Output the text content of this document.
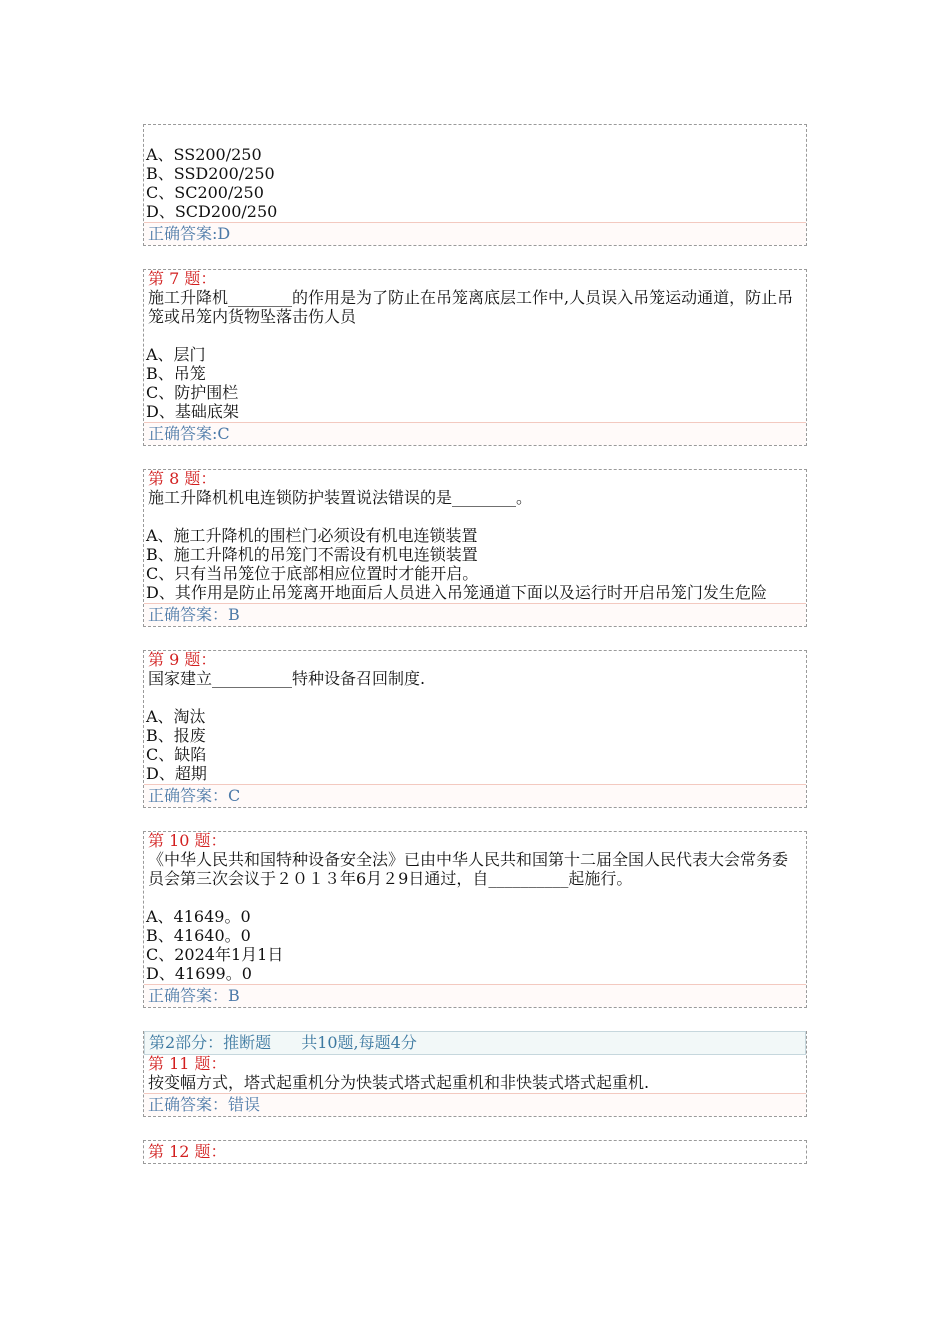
A、SS200/250
B、SSD200/250
C、SC200/250
D、SCD200/250
正确答案:D
第 7 题：
施工升降机________的作用是为了防止在吊笼离底层工作中,人员误入吊笼运动通道，防止吊笼或吊笼内货物坠落击伤人员
A、层门
B、吊笼
C、防护围栏
D、基础底架
正确答案:C
第 8 题：
施工升降机机电连锁防护装置说法错误的是________。
A、施工升降机的围栏门必须设有机电连锁装置
B、施工升降机的吊笼门不需设有机电连锁装置
C、只有当吊笼位于底部相应位置时才能开启。
D、其作用是防止吊笼离开地面后人员进入吊笼通道下面以及运行时开启吊笼门发生危险
正确答案：B
第 9 题：
国家建立__________特种设备召回制度.
A、淘汰
B、报废
C、缺陷
D、超期
正确答案：C
第 10 题：
《中华人民共和国特种设备安全法》已由中华人民共和国第十二届全国人民代表大会常务委员会第三次会议于２０１３年6月２9日通过，自__________起施行。
A、41649。0
B、41640。0
C、2024年1月1日
D、41699。0
正确答案：B
第2部分：推断题 共10题,每题4分
第 11 题：
按变幅方式，塔式起重机分为快装式塔式起重机和非快装式塔式起重机.
正确答案：错误
第 12 题：
